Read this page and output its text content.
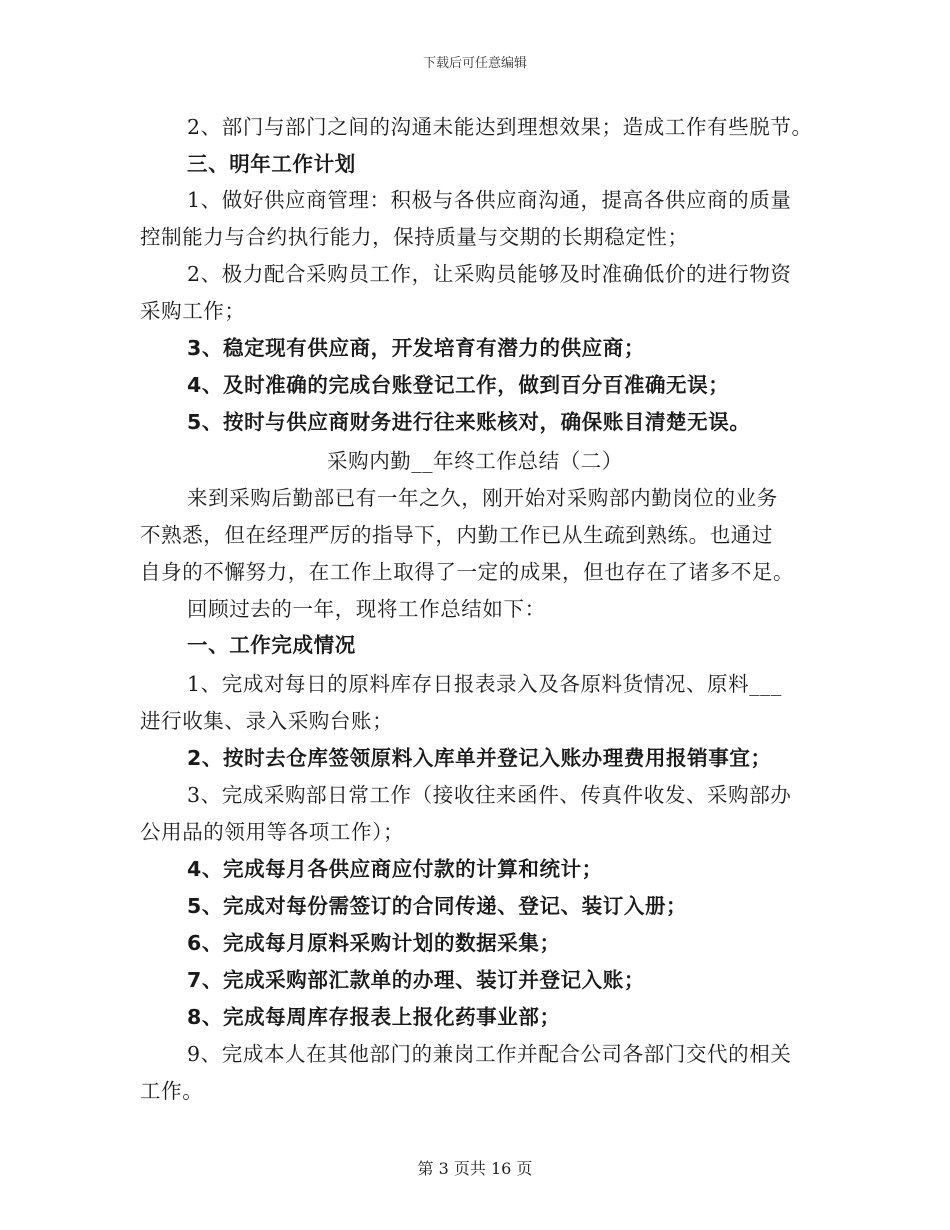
下载后可任意编辑
2、部门与部门之间的沟通未能达到理想效果；造成工作有些脱节。
三、明年工作计划
1、做好供应商管理：积极与各供应商沟通，提高各供应商的质量
控制能力与合约执行能力，保持质量与交期的长期稳定性；
2、极力配合采购员工作，让采购员能够及时准确低价的进行物资
采购工作；
3、稳定现有供应商，开发培育有潜力的供应商；
4、及时准确的完成台账登记工作，做到百分百准确无误；
5、按时与供应商财务进行往来账核对，确保账目清楚无误。
采购内勤__年终工作总结（二）
来到采购后勤部已有一年之久，刚开始对采购部内勤岗位的业务
不熟悉，但在经理严厉的指导下，内勤工作已从生疏到熟练。也通过
自身的不懈努力，在工作上取得了一定的成果，但也存在了诸多不足。
回顾过去的一年，现将工作总结如下：
一、工作完成情况
1、完成对每日的原料库存日报表录入及各原料货情况、原料___
进行收集、录入采购台账；
2、按时去仓库签领原料入库单并登记入账办理费用报销事宜；
3、完成采购部日常工作（接收往来函件、传真件收发、采购部办
公用品的领用等各项工作）；
4、完成每月各供应商应付款的计算和统计；
5、完成对每份需签订的合同传递、登记、装订入册；
6、完成每月原料采购计划的数据采集；
7、完成采购部汇款单的办理、装订并登记入账；
8、完成每周库存报表上报化药事业部；
9、完成本人在其他部门的兼岗工作并配合公司各部门交代的相关
工作。
第 3 页共 16 页
